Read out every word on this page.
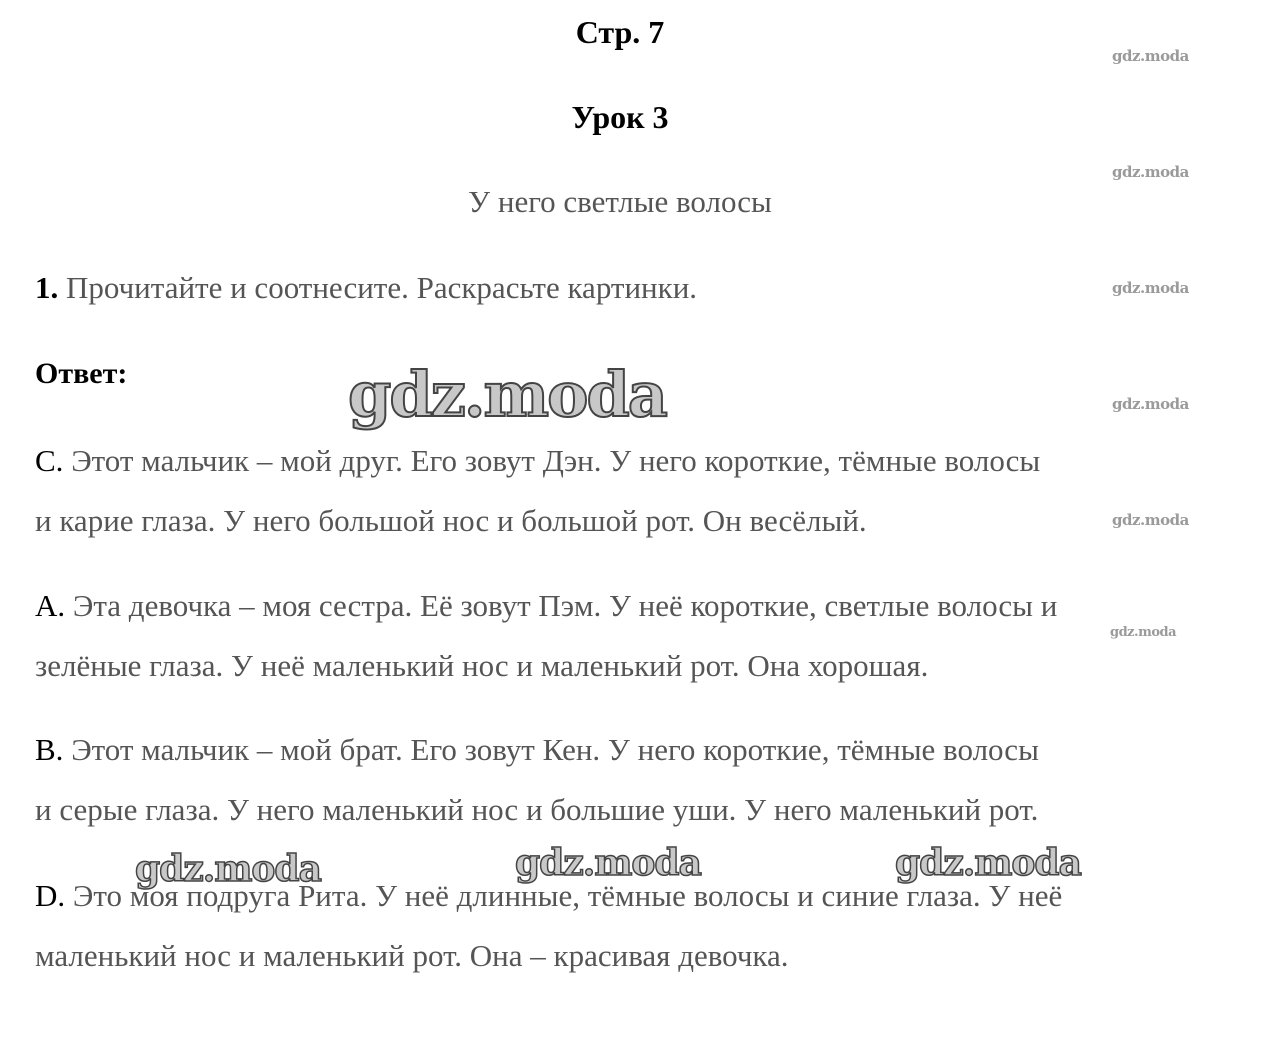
Стр. 7
Урок 3
У него светлые волосы
1. Прочитайте и соотнесите. Раскрасьте картинки.
Ответ:
C. Этот мальчик – мой друг. Его зовут Дэн. У него короткие, тёмные волосы
и карие глаза. У него большой нос и большой рот. Он весёлый.
A. Эта девочка – моя сестра. Её зовут Пэм. У неё короткие, светлые волосы и
зелёные глаза. У неё маленький нос и маленький рот. Она хорошая.
B. Этот мальчик – мой брат. Его зовут Кен. У него короткие, тёмные волосы
и серые глаза. У него маленький нос и большие уши. У него маленький рот.
D. Это моя подруга Рита. У неё длинные, тёмные волосы и синие глаза. У неё
маленький нос и маленький рот. Она – красивая девочка.
gdz.moda
gdz.moda
gdz.moda
gdz.moda
gdz.moda
gdz.moda
gdz.moda
gdz.moda	gdz.moda	gdz.moda
